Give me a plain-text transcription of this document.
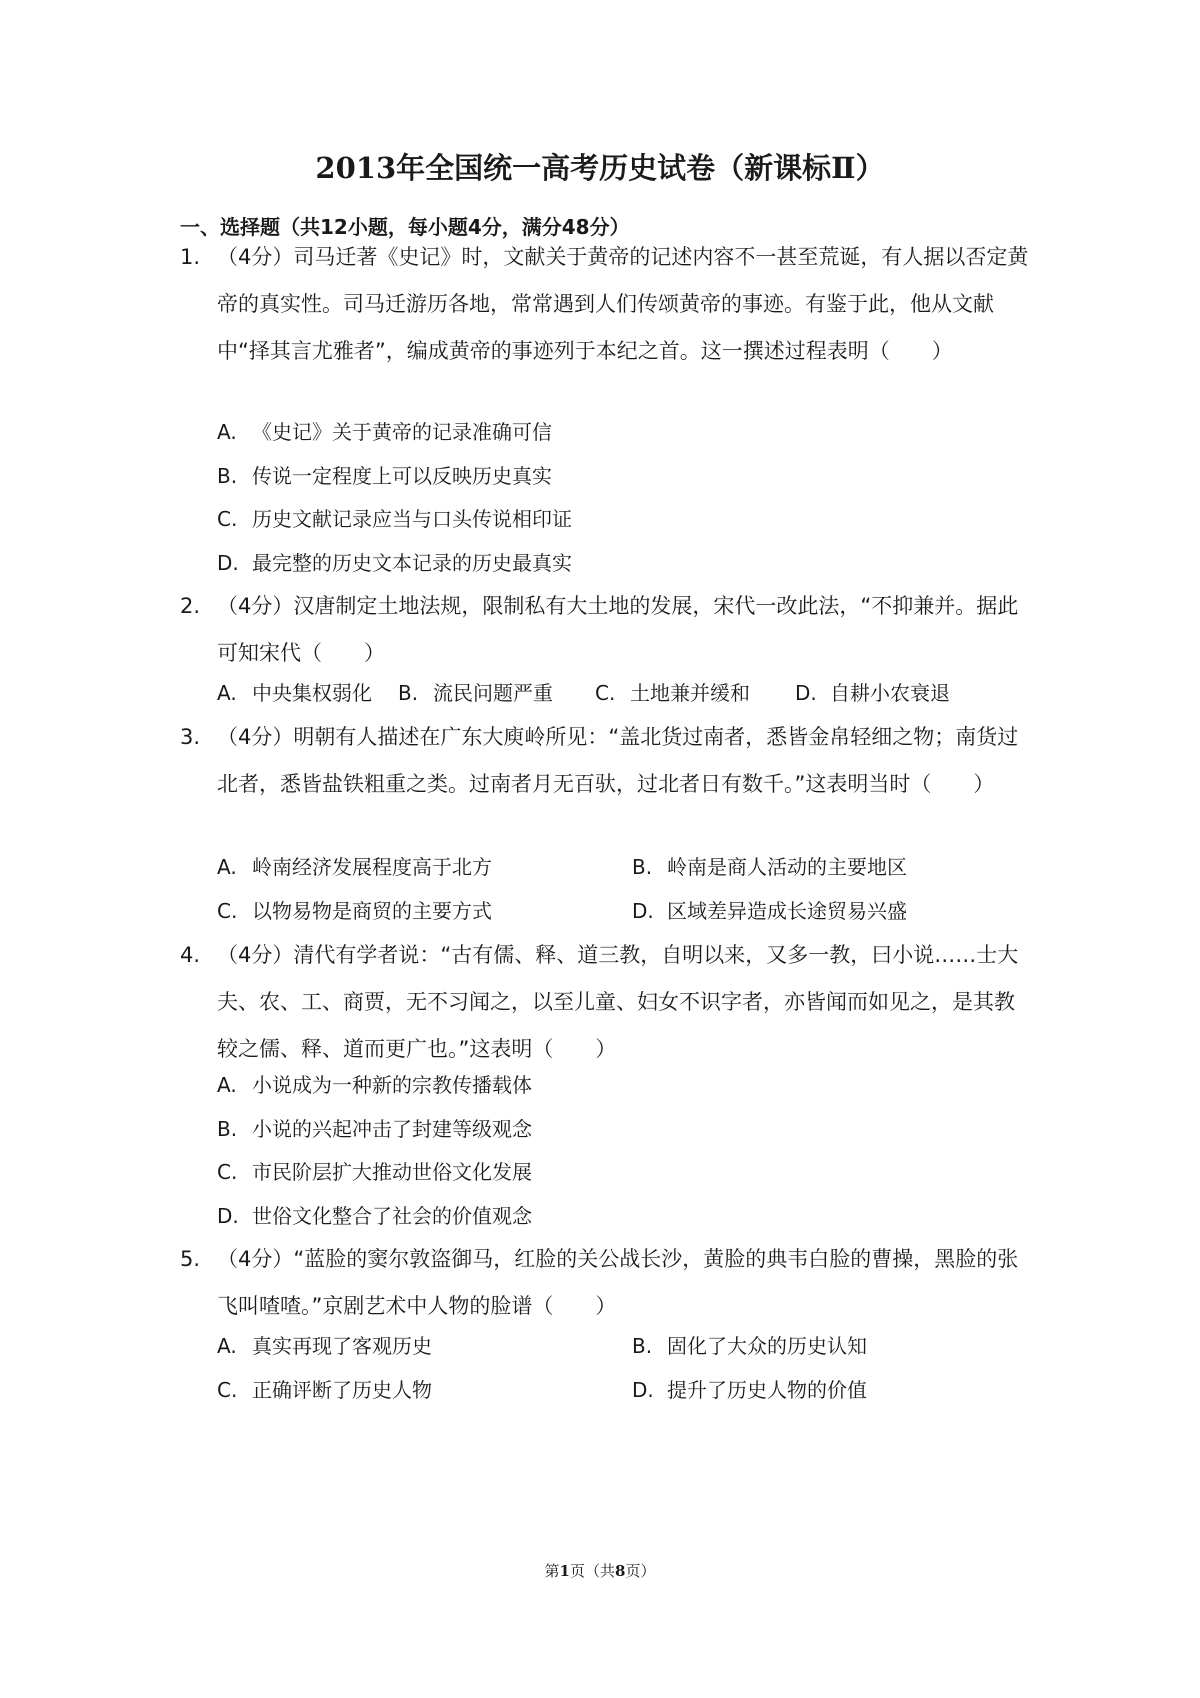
2013年全国统一高考历史试卷（新课标Ⅱ）
一、选择题（共12小题，每小题4分，满分48分）
1. （4分）司马迁著《史记》时，文献关于黄帝的记述内容不一甚至荒诞，有人据以否定黄帝的真实性。司马迁游历各地，常常遇到人们传颂黄帝的事迹。有鉴于此，他从文献中“择其言尤雅者”，编成黄帝的事迹列于本纪之首。这一撰述过程表明（　　）
A. 《史记》关于黄帝的记录准确可信
B. 传说一定程度上可以反映历史真实
C. 历史文献记录应当与口头传说相印证
D. 最完整的历史文本记录的历史最真实
2. （4分）汉唐制定土地法规，限制私有大土地的发展，宋代一改此法，“不抑兼并。据此可知宋代（　　）
A. 中央集权弱化 B. 流民问题严重 C. 土地兼并缓和 D. 自耕小农衰退
3. （4分）明朝有人描述在广东大庾岭所见：“盖北货过南者，悉皆金帛轻细之物；南货过北者，悉皆盐铁粗重之类。过南者月无百驮，过北者日有数千。”这表明当时（　　）
A. 岭南经济发展程度高于北方	B. 岭南是商人活动的主要地区
C. 以物易物是商贸的主要方式	D. 区域差异造成长途贸易兴盛
4. （4分）清代有学者说：“古有儒、释、道三教，自明以来，又多一教，曰小说……士大夫、农、工、商贾，无不习闻之，以至儿童、妇女不识字者，亦皆闻而如见之，是其教较之儒、释、道而更广也。”这表明（　　）
A. 小说成为一种新的宗教传播载体
B. 小说的兴起冲击了封建等级观念
C. 市民阶层扩大推动世俗文化发展
D. 世俗文化整合了社会的价值观念
5. （4分）“蓝脸的窦尔敦盗御马，红脸的关公战长沙，黄脸的典韦白脸的曹操，黑脸的张飞叫喳喳。”京剧艺术中人物的脸谱（　　）
A. 真实再现了客观历史	B. 固化了大众的历史认知
C. 正确评断了历史人物	D. 提升了历史人物的价值
第1页（共8页）
